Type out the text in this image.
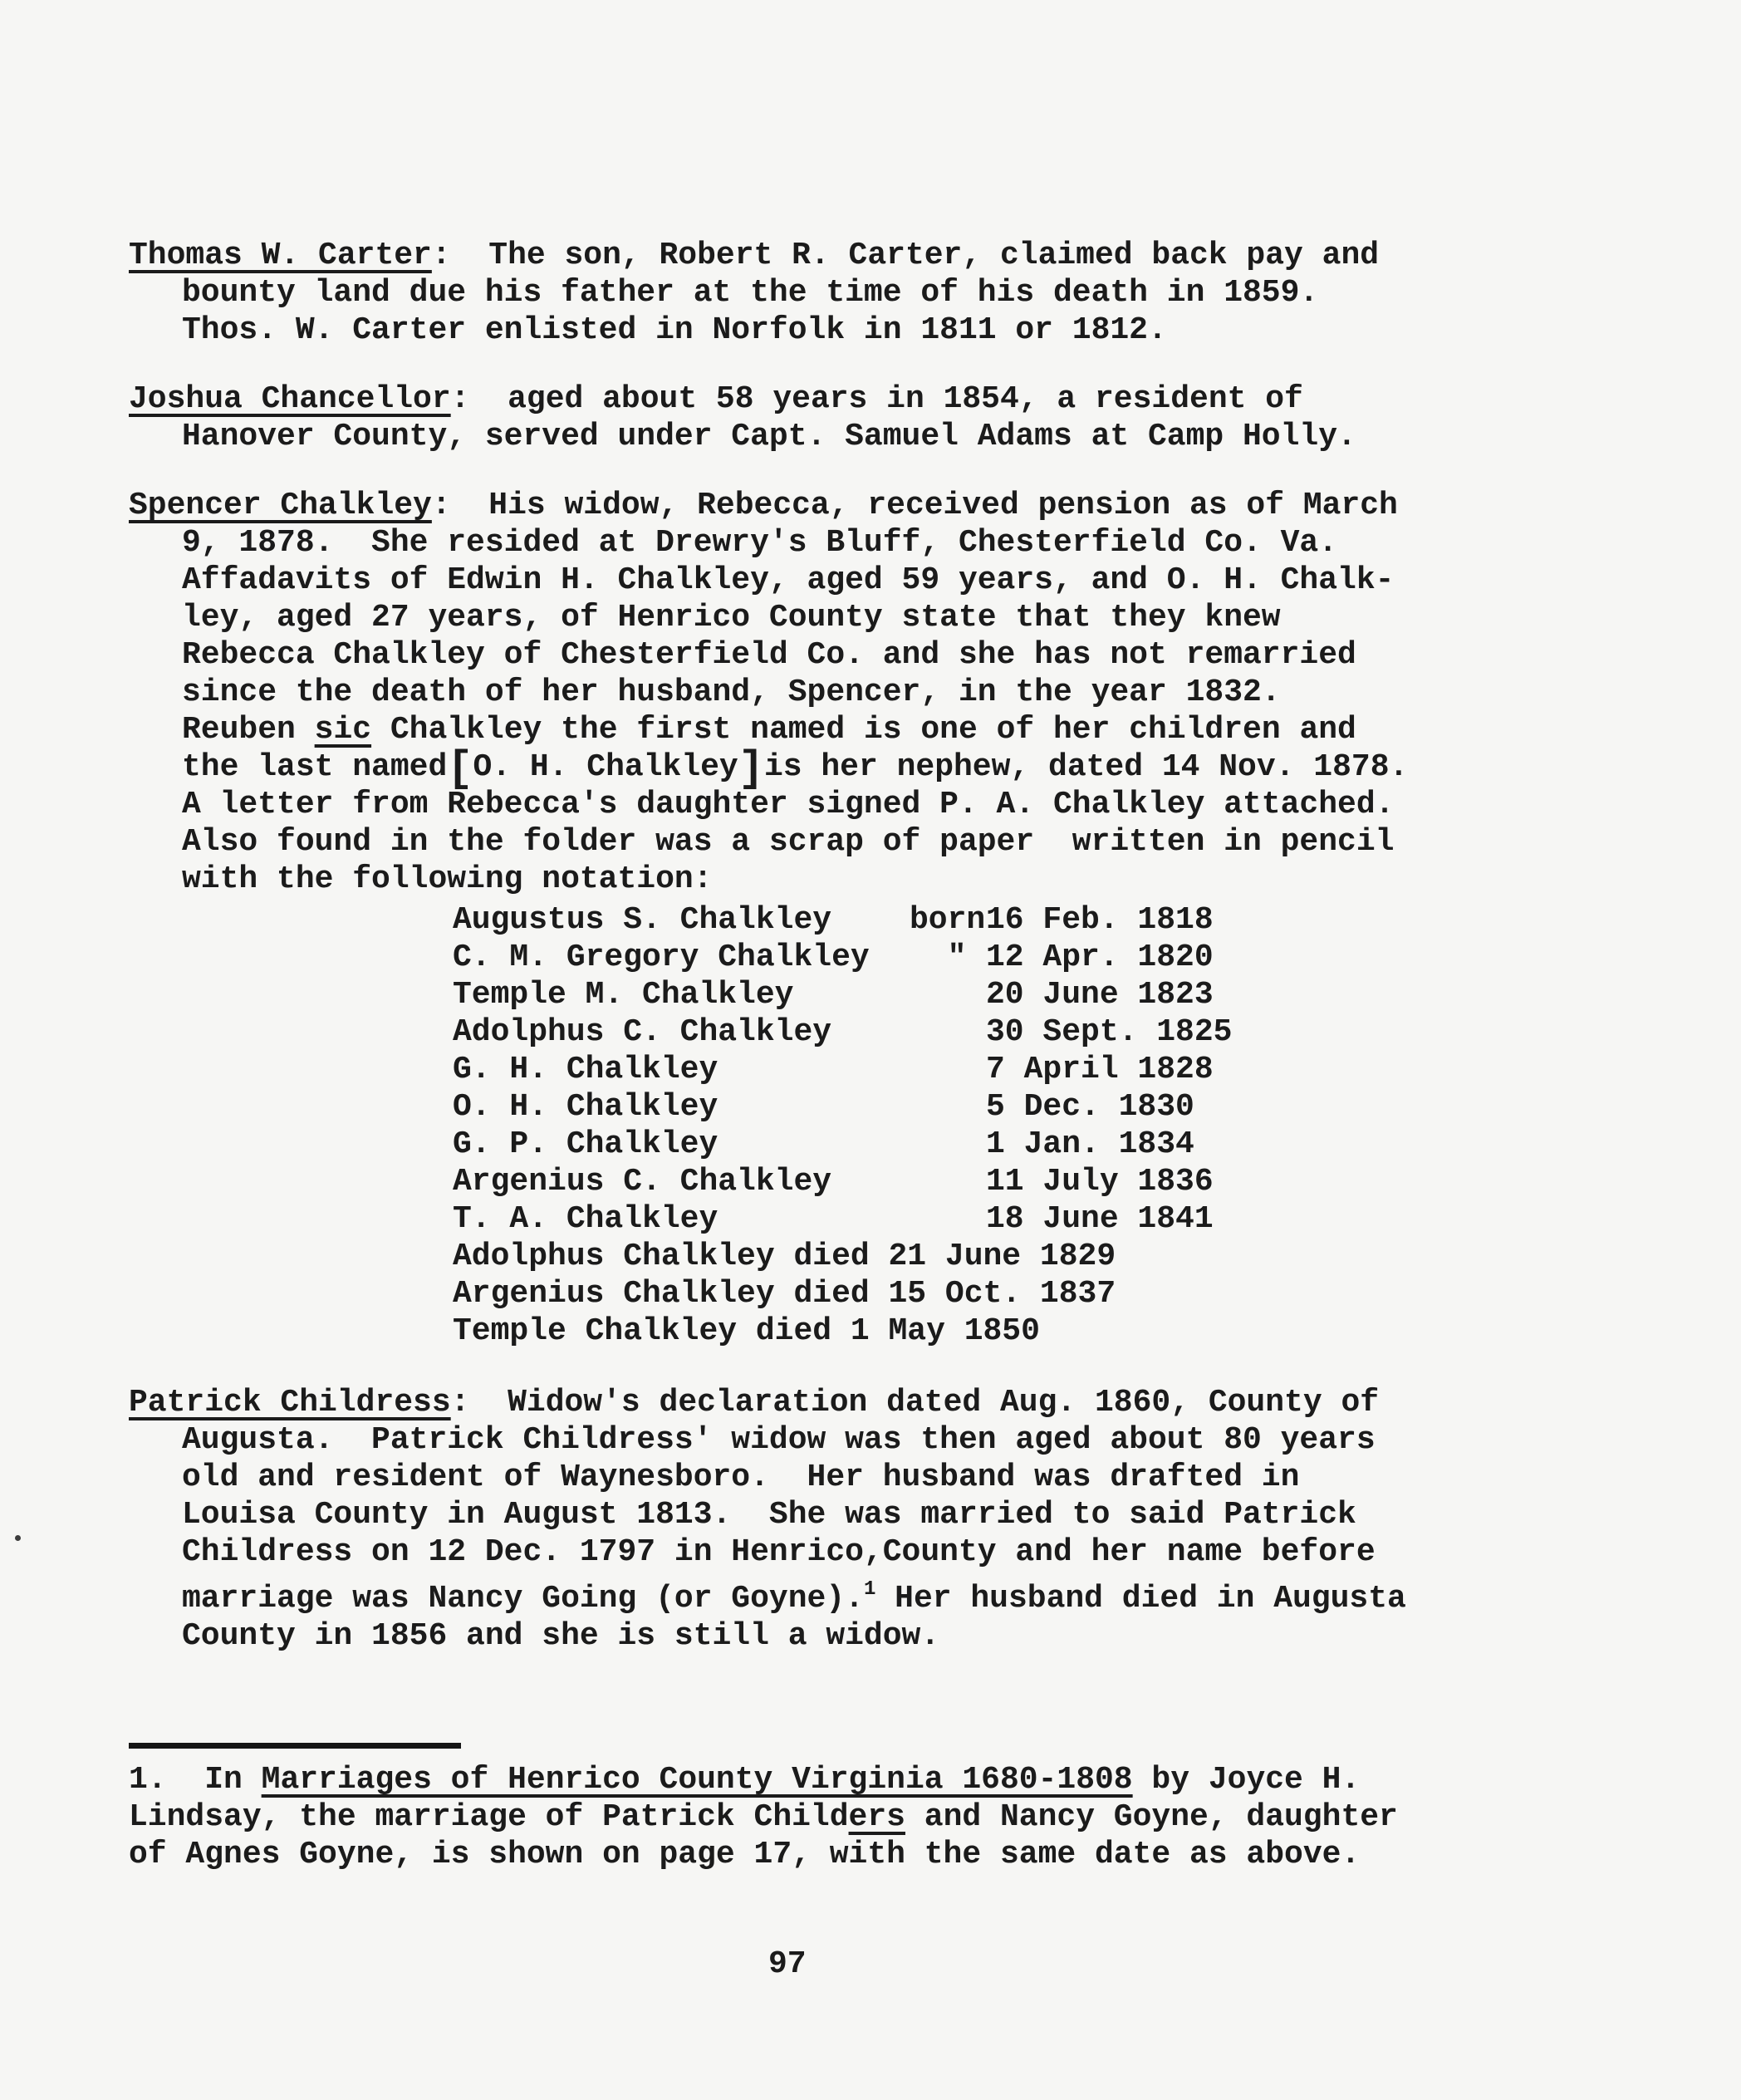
Thomas W. Carter:  The son, Robert R. Carter, claimed back pay and
bounty land due his father at the time of his death in 1859.
Thos. W. Carter enlisted in Norfolk in 1811 or 1812.
Joshua Chancellor:  aged about 58 years in 1854, a resident of
Hanover County, served under Capt. Samuel Adams at Camp Holly.
Spencer Chalkley:  His widow, Rebecca, received pension as of March
9, 1878.  She resided at Drewry's Bluff, Chesterfield Co. Va.
Affadavits of Edwin H. Chalkley, aged 59 years, and O. H. Chalk-
ley, aged 27 years, of Henrico County state that they knew
Rebecca Chalkley of Chesterfield Co. and she has not remarried
since the death of her husband, Spencer, in the year 1832.
Reuben sic Chalkley the first named is one of her children and
the last named[O. H. Chalkley]is her nephew, dated 14 Nov. 1878.
A letter from Rebecca's daughter signed P. A. Chalkley attached.
Also found in the folder was a scrap of paper  written in pencil
with the following notation:
Augustus S. Chalkley born16 Feb. 1818
C. M. Gregory Chalkley  " 12 Apr. 1820
Temple M. Chalkley	20 June 1823
Adolphus C. Chalkley	30 Sept. 1825
G. H. Chalkley	7 April 1828
O. H. Chalkley	5 Dec. 1830
G. P. Chalkley	1 Jan. 1834
Argenius C. Chalkley	11 July 1836
T. A. Chalkley	18 June 1841
Adolphus Chalkley died 21 June 1829
Argenius Chalkley died 15 Oct. 1837
Temple Chalkley died 1 May 1850
Patrick Childress:  Widow's declaration dated Aug. 1860, County of
Augusta.  Patrick Childress' widow was then aged about 80 years
old and resident of Waynesboro.  Her husband was drafted in
Louisa County in August 1813.  She was married to said Patrick
Childress on 12 Dec. 1797 in Henrico,County and her name before
marriage was Nancy Going (or Goyne).$^1$ Her husband died in Augusta
County in 1856 and she is still a widow.
1.  In Marriages of Henrico County Virginia 1680-1808 by Joyce H.
Lindsay, the marriage of Patrick Childers and Nancy Goyne, daughter
of Agnes Goyne, is shown on page 17, with the same date as above.
97
